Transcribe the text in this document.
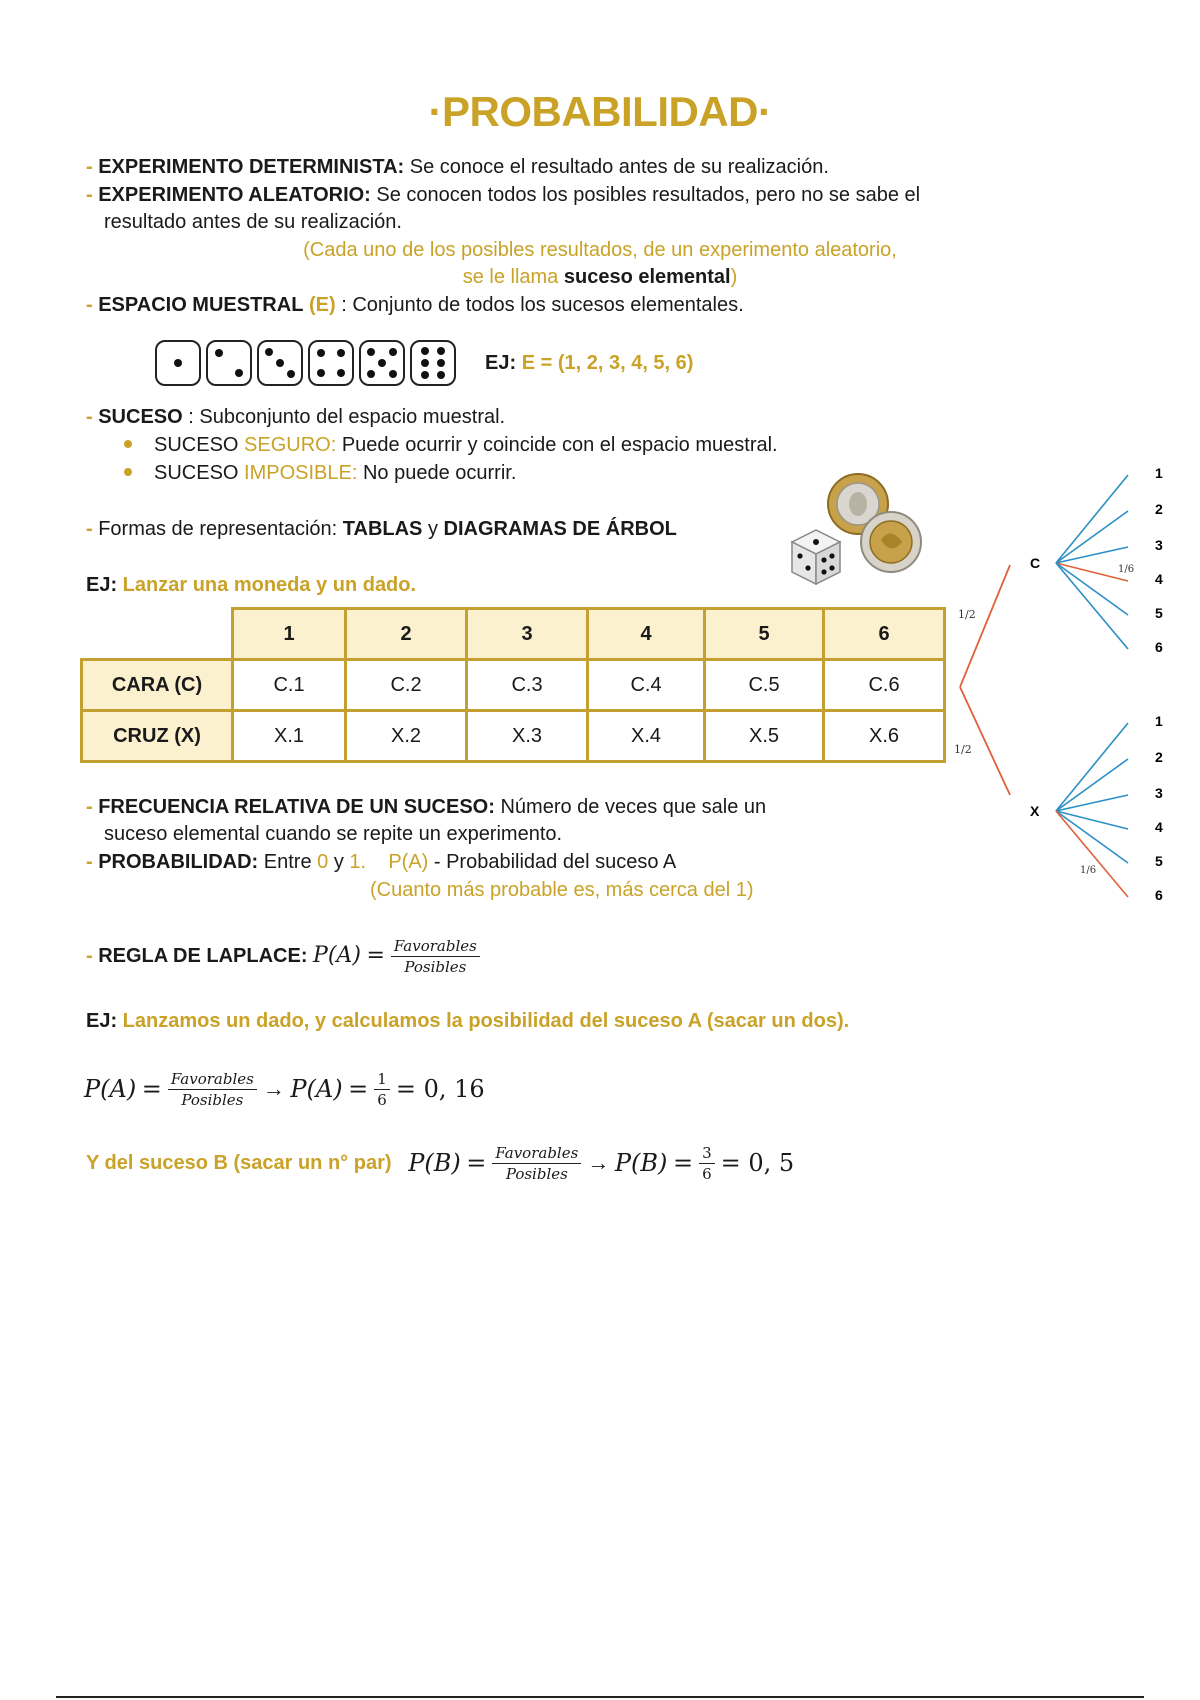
·PROBABILIDAD·
- EXPERIMENTO DETERMINISTA: Se conoce el resultado antes de su realización.
- EXPERIMENTO ALEATORIO: Se conocen todos los posibles resultados, pero no se sabe el
resultado antes de su realización.
(Cada uno de los posibles resultados, de un experimento aleatorio,
se le llama suceso elemental)
- ESPACIO MUESTRAL (E) : Conjunto de todos los sucesos elementales.
EJ: E = (1, 2, 3, 4, 5, 6)
- SUCESO : Subconjunto del espacio muestral.
SUCESO SEGURO: Puede ocurrir y coincide con el espacio muestral.
SUCESO IMPOSIBLE: No puede ocurrir.
- Formas de representación: TABLAS y DIAGRAMAS DE ÁRBOL
EJ: Lanzar una moneda y un dado.
	1	2	3	4	5	6
CARA (C)	C.1	C.2	C.3	C.4	C.5	C.6
CRUZ (X)	X.1	X.2	X.3	X.4	X.5	X.6
1/2
1/2
C	1/6
1
2
3
4
5
6
X
1/6
1
2
3
4
5
6
- FRECUENCIA RELATIVA DE UN SUCESO: Número de veces que sale un
suceso elemental cuando se repite un experimento.
- PROBABILIDAD: Entre 0 y 1. P(A) - Probabilidad del suceso A
(Cuanto más probable es, más cerca del 1)
- REGLA DE LAPLACE:
P(A)
= $\frac{\text{Favorables}}{\text{Posibles}}$
EJ: Lanzamos un dado, y calculamos la posibilidad del suceso A (sacar un dos).
P(A)
= $\frac{\text{Favorables}}{\text{Posibles}}$ →
P(A)
= $\frac{1}{6} = 0$, 16
Y del suceso B (sacar un n° par)
P(B)
= $\frac{\text{Favorables}}{\text{Posibles}}$ →
P(B)
= $\frac{3}{6} = 0$, 5
